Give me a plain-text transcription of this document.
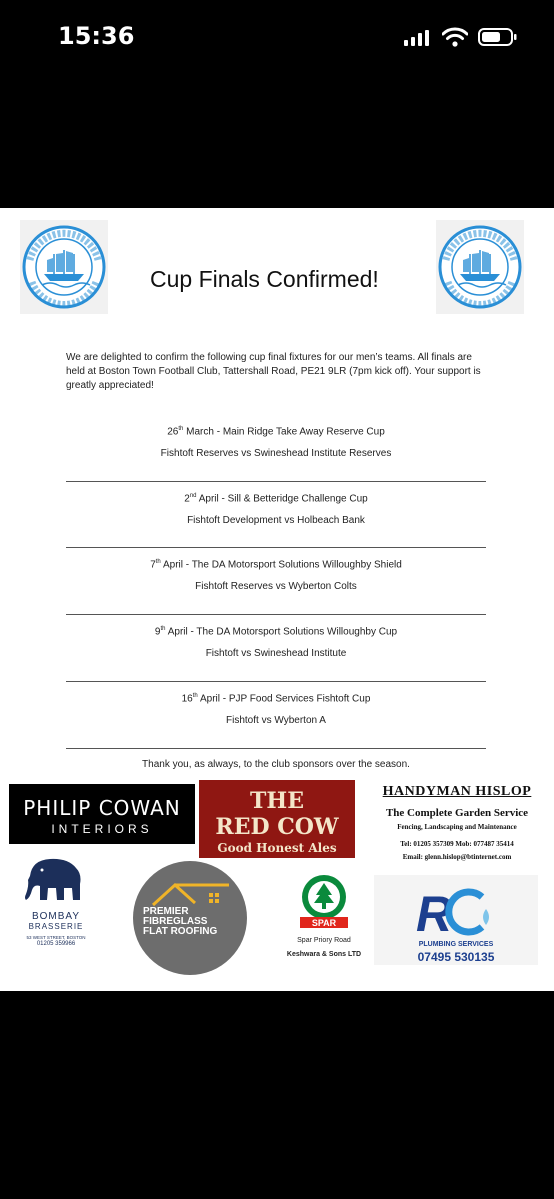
15:36
Cup Finals Confirmed!
We are delighted to confirm the following cup final fixtures for our men’s teams. All finals are held at Boston Town Football Club, Tattershall Road, PE21 9LR (7pm kick off). Your support is greatly appreciated!
26th March - Main Ridge Take Away Reserve Cup
Fishtoft Reserves vs Swineshead Institute Reserves
2nd April - Sill & Betteridge Challenge Cup
Fishtoft Development vs Holbeach Bank
7th April - The DA Motorsport Solutions Willoughby Shield
Fishtoft Reserves vs Wyberton Colts
9th April - The DA Motorsport Solutions Willoughby Cup
Fishtoft vs Swineshead Institute
16th April - PJP Food Services Fishtoft Cup
Fishtoft vs Wyberton A
Thank you, as always, to the club sponsors over the season.
PHILIP COWAN
INTERIORS
THE
RED COW
Good Honest Ales
HANDYMAN HISLOP
The Complete Garden Service
Fencing, Landscaping and Maintenance
Tel: 01205 357309 Mob: 077487 35414
Email: glenn.hislop@btinternet.com
BOMBAY
BRASSERIE
53 WEST STREET, BOSTON
01205 359966
PREMIER
FIBREGLASS
FLAT ROOFING
SPAR
Spar Priory Road
Keshwara & Sons LTD
R
PLUMBING SERVICES
07495 530135
